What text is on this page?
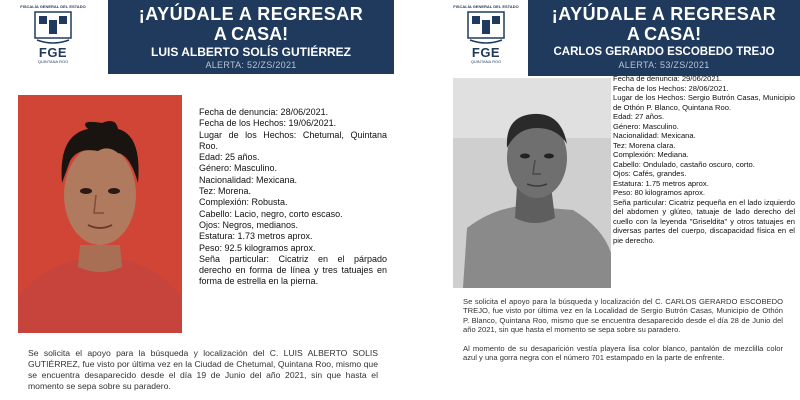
FISCALÍA GENERAL DEL ESTADO
FGE
QUINTANA ROO
¡AYÚDALE A REGRESAR
A CASA!
LUIS ALBERTO SOLÍS GUTIÉRREZ
ALERTA: 52/ZS/2021
Fecha de denuncia: 28/06/2021.
Fecha de los Hechos: 19/06/2021.
Lugar de los Hechos: Chetumal, Quintana Roo.
Edad: 25 años.
Género: Masculino.
Nacionalidad: Mexicana.
Tez: Morena.
Complexión: Robusta.
Cabello: Lacio, negro, corto escaso.
Ojos: Negros, medianos.
Estatura: 1.73 metros aprox.
Peso: 92.5 kilogramos aprox.
Seña particular: Cicatriz en el párpado derecho en forma de línea y tres tatuajes en forma de estrella en la pierna.
Se solicita el apoyo para la búsqueda y localización del C. LUIS ALBERTO SOLIS GUTIÉRREZ, fue visto por última vez en la Ciudad de Chetumal, Quintana Roo, mismo que se encuentra desaparecido desde el día 19 de Junio del año 2021, sin que hasta el momento se sepa sobre su paradero.
FISCALÍA GENERAL DEL ESTADO
FGE
QUINTANA ROO
¡AYÚDALE A REGRESAR
A CASA!
CARLOS GERARDO ESCOBEDO TREJO
ALERTA: 53/ZS/2021
Fecha de denuncia: 29/06/2021.
Fecha de los Hechos: 28/06/2021.
Lugar de los Hechos: Sergio Butrón Casas, Municipio de Othón P. Blanco, Quintana Roo.
Edad: 27 años.
Género: Masculino.
Nacionalidad: Mexicana.
Tez: Morena clara.
Complexión: Mediana.
Cabello: Ondulado, castaño oscuro, corto.
Ojos: Cafés, grandes.
Estatura: 1.75 metros aprox.
Peso: 80 kilogramos aprox.
Seña particular: Cicatriz pequeña en el lado izquierdo del abdomen y glúteo, tatuaje de lado derecho del cuello con la leyenda "Griseldita" y otros tatuajes en diversas partes del cuerpo, discapacidad física en el pie derecho.
Se solicita el apoyo para la búsqueda y localización del C. CARLOS GERARDO ESCOBEDO TREJO, fue visto por última vez en la Localidad de Sergio Butrón Casas, Municipio de Othón P. Blanco, Quintana Roo, mismo que se encuentra desaparecido desde el día 28 de Junio del año 2021, sin que hasta el momento se sepa sobre su paradero.
Al momento de su desaparición vestía playera lisa color blanco, pantalón de mezclilla color azul y una gorra negra con el número 701 estampado en la parte de enfrente.
